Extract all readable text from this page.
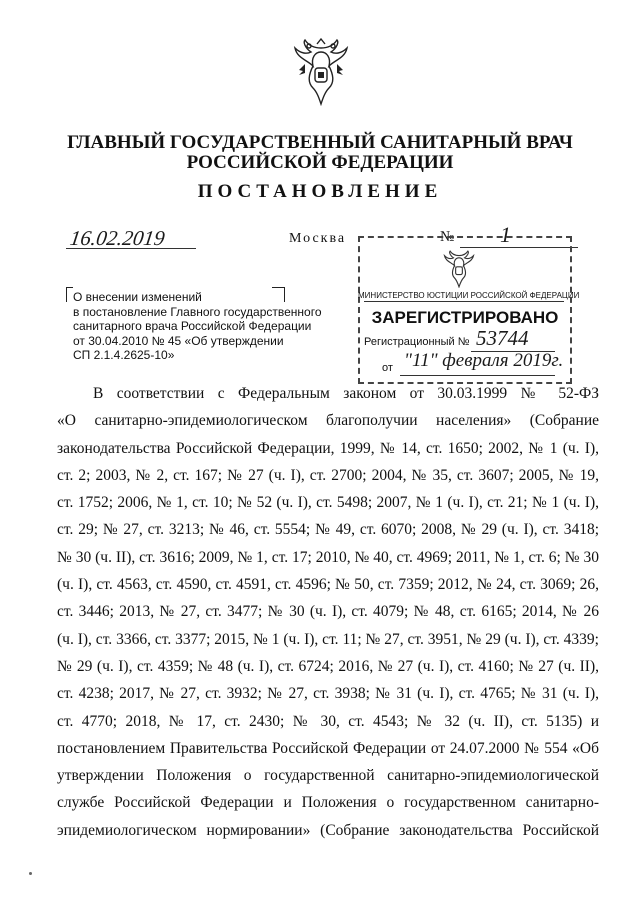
ГЛАВНЫЙ ГОСУДАРСТВЕННЫЙ САНИТАРНЫЙ ВРАЧ
РОССИЙСКОЙ ФЕДЕРАЦИИ
ПОСТАНОВЛЕНИЕ
16.02.2019	Москва	№ 1
О внесении изменений
в постановление Главного государственного
санитарного врача Российской Федерации
от 30.04.2010 № 45 «Об утверждении
СП 2.1.4.2625-10»
МИНИСТЕРСТВО ЮСТИЦИИ РОССИЙСКОЙ ФЕДЕРАЦИИ
ЗАРЕГИСТРИРОВАНО
Регистрационный № 53744
от "11" февраля 2019г.
В соответствии с Федеральным законом от 30.03.1999 № 52-ФЗ
«О санитарно-эпидемиологическом благополучии населения» (Собрание
законодательства Российской Федерации, 1999, № 14, ст. 1650; 2002, № 1 (ч. I),
ст. 2; 2003, № 2, ст. 167; № 27 (ч. I), ст. 2700; 2004, № 35, ст. 3607; 2005, № 19,
ст. 1752; 2006, № 1, ст. 10; № 52 (ч. I), ст. 5498; 2007, № 1 (ч. I), ст. 21; № 1 (ч. I),
ст. 29; № 27, ст. 3213; № 46, ст. 5554; № 49, ст. 6070; 2008, № 29 (ч. I), ст. 3418;
№ 30 (ч. II), ст. 3616; 2009, № 1, ст. 17; 2010, № 40, ст. 4969; 2011, № 1, ст. 6; № 30
(ч. I), ст. 4563, ст. 4590, ст. 4591, ст. 4596; № 50, ст. 7359; 2012, № 24, ст. 3069; 26,
ст. 3446; 2013, № 27, ст. 3477; № 30 (ч. I), ст. 4079; № 48, ст. 6165; 2014, № 26
(ч. I), ст. 3366, ст. 3377; 2015, № 1 (ч. I), ст. 11; № 27, ст. 3951, № 29 (ч. I), ст. 4339;
№ 29 (ч. I), ст. 4359; № 48 (ч. I), ст. 6724; 2016, № 27 (ч. I), ст. 4160; № 27 (ч. II),
ст. 4238; 2017, № 27, ст. 3932; № 27, ст. 3938; № 31 (ч. I), ст. 4765; № 31 (ч. I),
ст. 4770; 2018, № 17, ст. 2430; № 30, ст. 4543; № 32 (ч. II), ст. 5135) и
постановлением Правительства Российской Федерации от 24.07.2000 № 554 «Об
утверждении Положения о государственной санитарно-эпидемиологической
службе Российской Федерации и Положения о государственном санитарно-
эпидемиологическом нормировании» (Собрание законодательства Российской
